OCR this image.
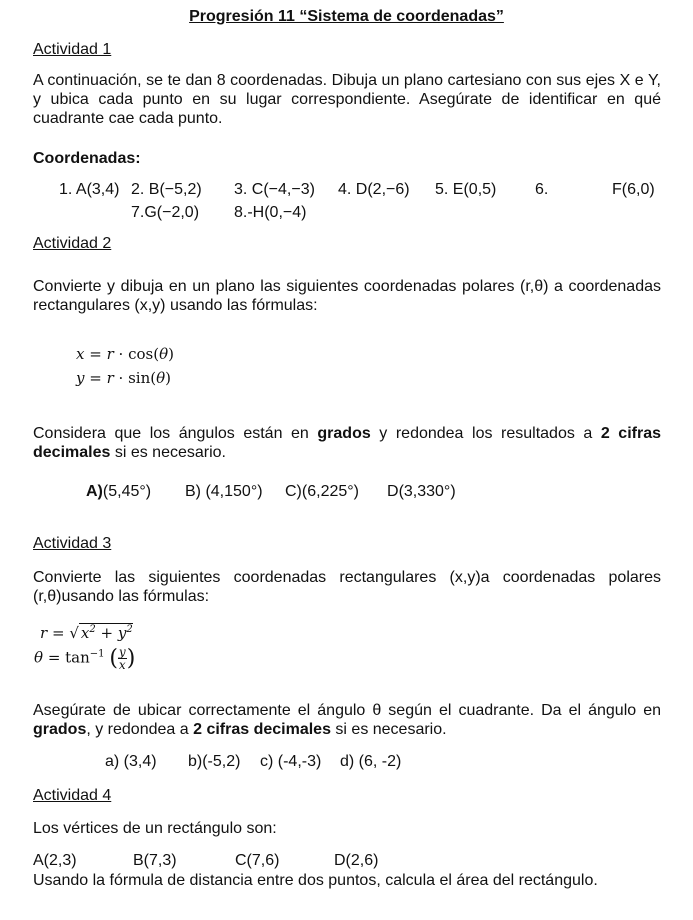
Progresión 11 “Sistema de coordenadas”
Actividad 1
A continuación, se te dan 8 coordenadas. Dibuja un plano cartesiano con sus ejes X e Y, y ubica cada punto en su lugar correspondiente. Asegúrate de identificar en qué cuadrante cae cada punto.
Coordenadas:
1. A(3,4) 2. B(−5,2) 3. C(−4,−3) 4. D(2,−6) 5. E(0,5) 6.	F(6,0)
7.G(−2,0) 8.-H(0,−4)
Actividad 2
Convierte y dibuja en un plano las siguientes coordenadas polares (r,θ) a coordenadas rectangulares (x,y) usando las fórmulas:
x = r · cos(θ)
y = r · sin(θ)
Considera que los ángulos están en grados y redondea los resultados a 2 cifras decimales si es necesario.
A)(5,45°) B) (4,150°) C)(6,225°) D(3,330°)
Actividad 3
Convierte las siguientes coordenadas rectangulares (x,y)a coordenadas polares (r,θ)usando las fórmulas:
r = √ $x^2 + y^2$
$\theta = \tan^{-1}$ ( $\frac{y}{x}$ )
Asegúrate de ubicar correctamente el ángulo θ según el cuadrante. Da el ángulo en grados, y redondea a 2 cifras decimales si es necesario.
a) (3,4) b)(-5,2) c) (-4,-3) d) (6, -2)
Actividad 4
Los vértices de un rectángulo son:
A(2,3)	B(7,3)	C(7,6)	D(2,6)
Usando la fórmula de distancia entre dos puntos, calcula el área del rectángulo.
